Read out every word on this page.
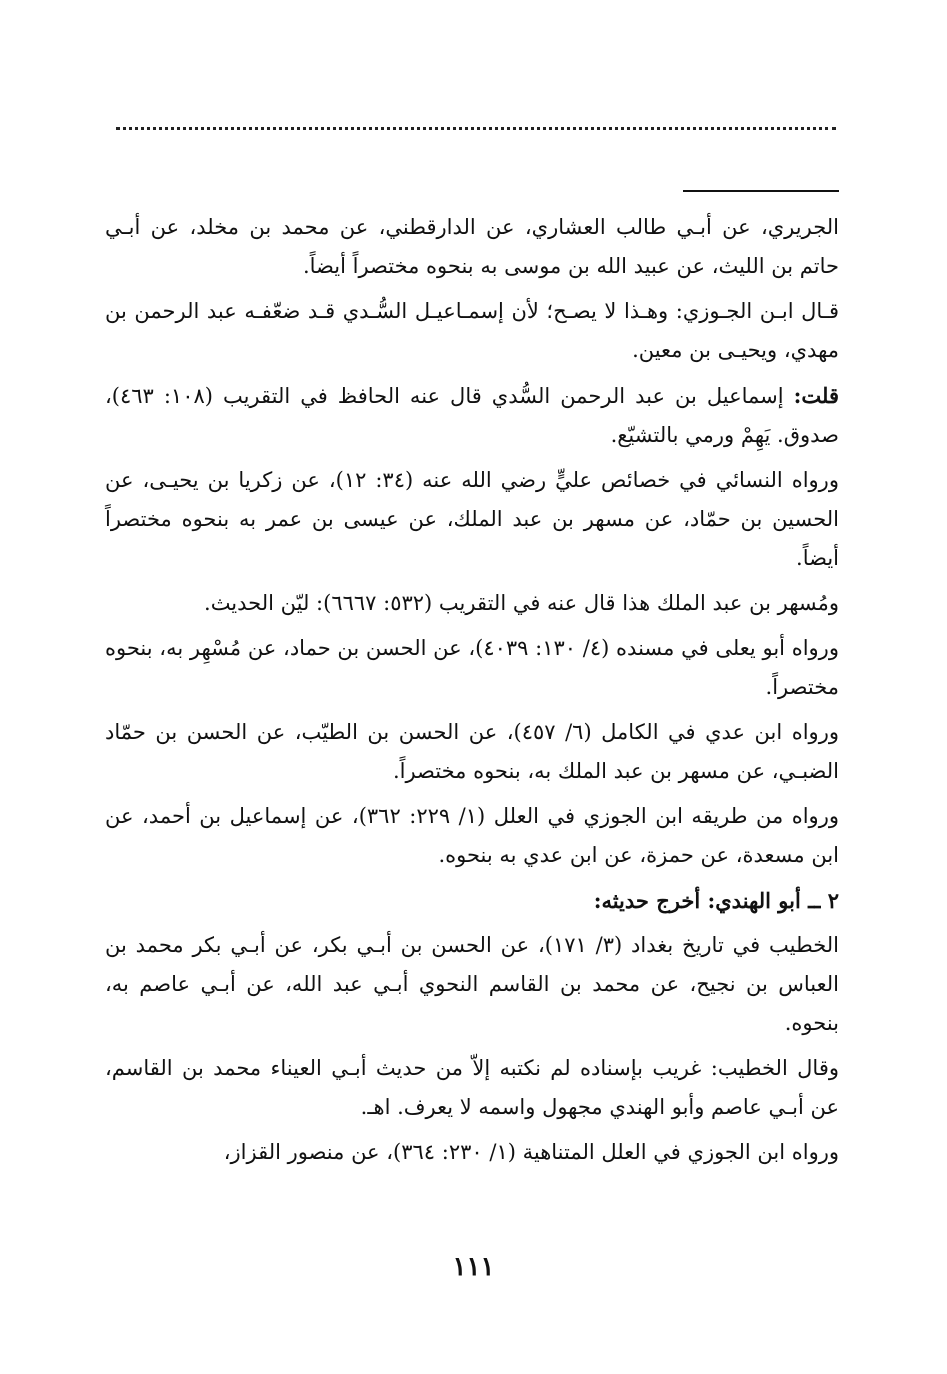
الجريري، عن أبـي طالب العشاري، عن الدارقطني، عن محمد بن مخلد، عن أبـي حاتم بن الليث، عن عبيد الله بن موسى به بنحوه مختصراً أيضاً.

قـال ابـن الجـوزي: وهـذا لا يصـح؛ لأن إسمـاعيـل السُّـدي قـد ضعّفـه عبد الرحمن بن مهدي، ويحيـى بن معين.

قلت: إسماعيل بن عبد الرحمن السُّدي قال عنه الحافظ في التقريب (١٠٨: ٤٦٣)، صدوق. يَهِمْ ورمي بالتشيّع.

ورواه النسائي في خصائص عليٍّ رضي الله عنه (٣٤: ١٢)، عن زكريا بن يحيـى، عن الحسين بن حمّاد، عن مسهر بن عبد الملك، عن عيسى بن عمر به بنحوه مختصراً أيضاً.

ومُسهر بن عبد الملك هذا قال عنه في التقريب (٥٣٢: ٦٦٦٧): ليّن الحديث.

ورواه أبو يعلى في مسنده (٤/ ١٣٠: ٤٠٣٩)، عن الحسن بن حماد، عن مُسْهِر به، بنحوه مختصراً.

ورواه ابن عدي في الكامل (٦/ ٤٥٧)، عن الحسن بن الطيّب، عن الحسن بن حمّاد الضبـي، عن مسهر بن عبد الملك به، بنحوه مختصراً.

ورواه من طريقه ابن الجوزي في العلل (١/ ٢٢٩: ٣٦٢)، عن إسماعيل بن أحمد، عن ابن مسعدة، عن حمزة، عن ابن عدي به بنحوه.

٢ ــ أبو الهندي: أخرج حديثه:

الخطيب في تاريخ بغداد (٣/ ١٧١)، عن الحسن بن أبـي بكر، عن أبـي بكر محمد بن العباس بن نجيح، عن محمد بن القاسم النحوي أبـي عبد الله، عن أبـي عاصم به، بنحوه.

وقال الخطيب: غريب بإسناده لم نكتبه إلاّ من حديث أبـي العيناء محمد بن القاسم، عن أبـي عاصم وأبو الهندي مجهول واسمه لا يعرف. اهـ.

ورواه ابن الجوزي في العلل المتناهية (١/ ٢٣٠: ٣٦٤)، عن منصور القزاز،

١١١
